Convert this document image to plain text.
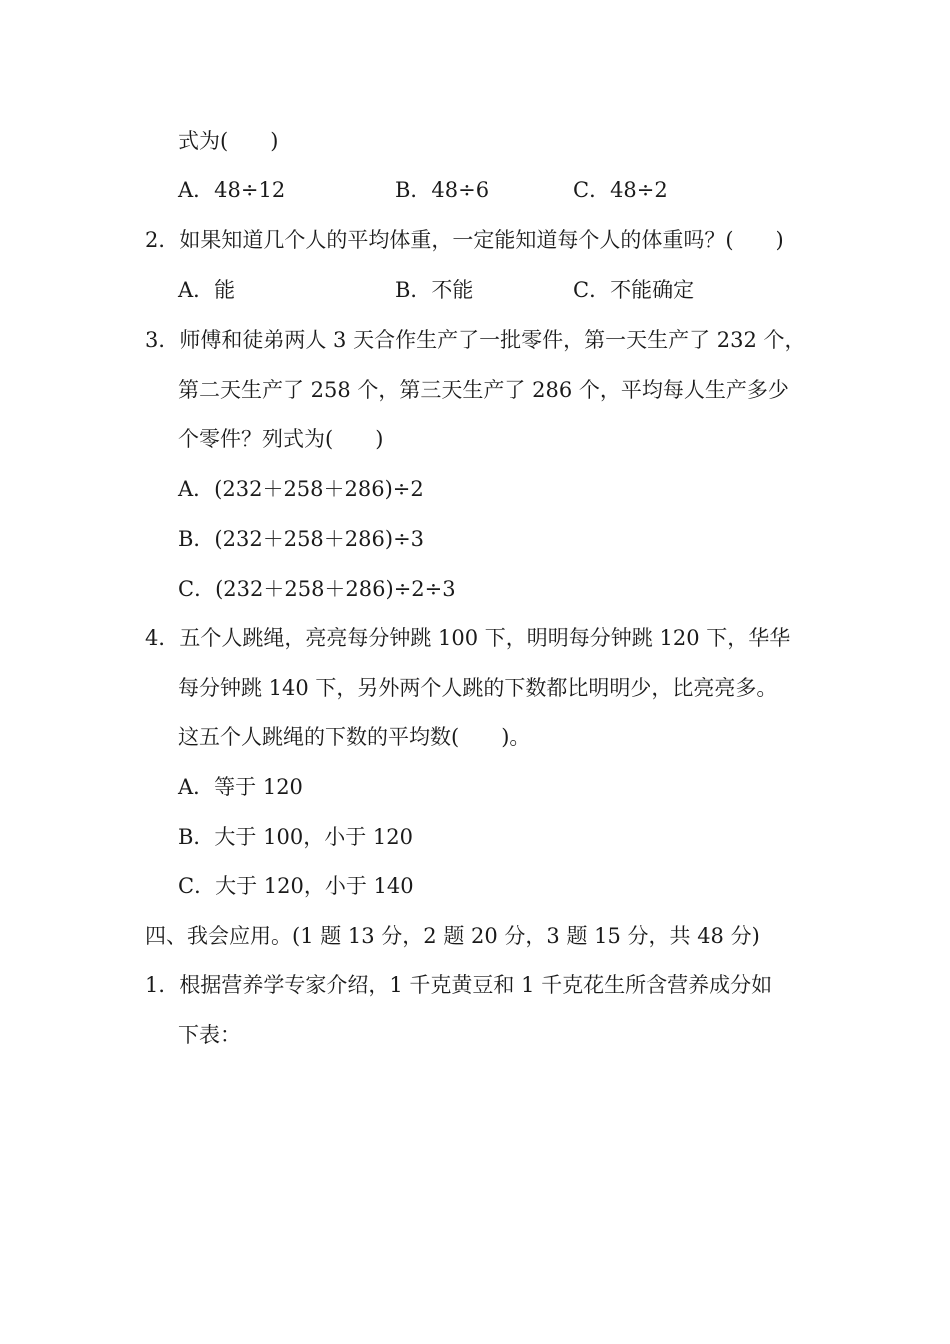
式为(　　)
A．48÷12	B．48÷6	C．48÷2
2．如果知道几个人的平均体重，一定能知道每个人的体重吗？(　　)
A．能	B．不能	C．不能确定
3．师傅和徒弟两人 3 天合作生产了一批零件，第一天生产了 232 个，
第二天生产了 258 个，第三天生产了 286 个，平均每人生产多少
个零件？列式为(　　)
A．(232＋258＋286)÷2
B．(232＋258＋286)÷3
C．(232＋258＋286)÷2÷3
4．五个人跳绳，亮亮每分钟跳 100 下，明明每分钟跳 120 下，华华
每分钟跳 140 下，另外两个人跳的下数都比明明少，比亮亮多。
这五个人跳绳的下数的平均数(　　)。
A．等于 120
B．大于 100，小于 120
C．大于 120，小于 140
四、我会应用。(1 题 13 分，2 题 20 分，3 题 15 分，共 48 分)
1．根据营养学专家介绍，1 千克黄豆和 1 千克花生所含营养成分如
下表：
